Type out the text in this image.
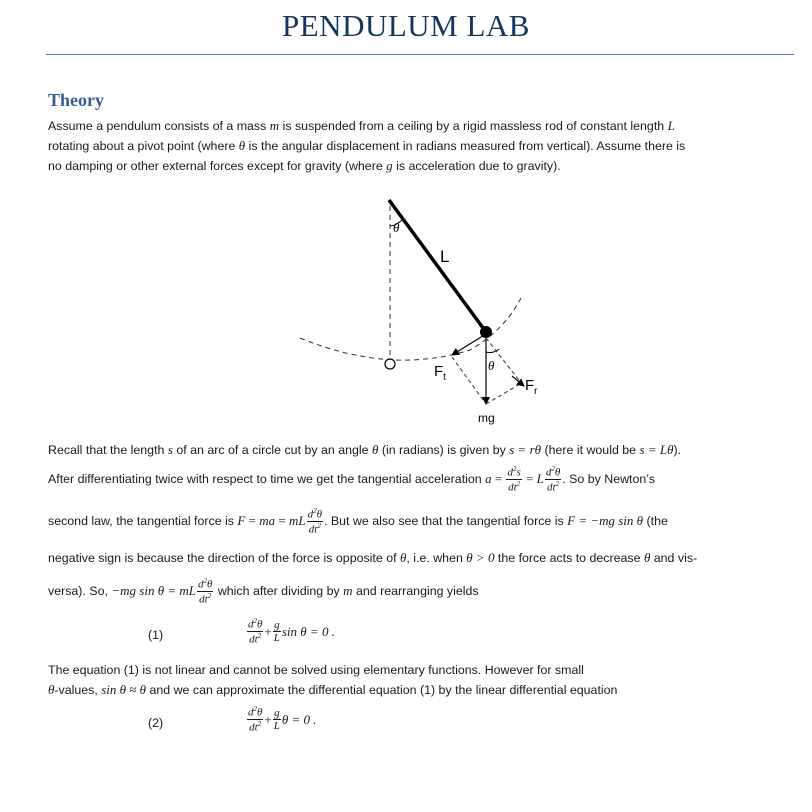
PENDULUM LAB
Theory
Assume a pendulum consists of a mass m is suspended from a ceiling by a rigid massless rod of constant length L
rotating about a pivot point (where θ is the angular displacement in radians measured from vertical). Assume there is
no damping or other external forces except for gravity (where g is acceleration due to gravity).
θ
mg
θ
L
$F_t$	$F_r$
Recall that the length s of an arc of a circle cut by an angle θ (in radians) is given by s = rθ (here it would be s = Lθ).
After differentiating twice with respect to time we get the tangential acceleration $a = \frac{d^2s}{dt^2} = L \frac{d^2\theta}{dt^2}$ . So by Newton’s
second law, the tangential force is F = ma = mL $\frac{d^2\theta}{dt^2}$ . But we also see that the tangential force is F = −mg sin θ (the
negative sign is because the direction of the force is opposite of θ, i.e. when θ > 0 the force acts to decrease θ and vis-
versa). So, −mg sin θ = mL $\frac{d^2\theta}{dt^2}$ which after dividing by m and rearranging yields
(1)	$\frac{d^2\theta}{dt^2} + \frac{g}{L}$ sin θ = 0 .
The equation (1) is not linear and cannot be solved using elementary functions. However for small
θ-values, sin θ ≈ θ and we can approximate the differential equation (1) by the linear differential equation
(2)	$\frac{d^2\theta}{dt^2} + \frac{g}{L}$ θ = 0 .
